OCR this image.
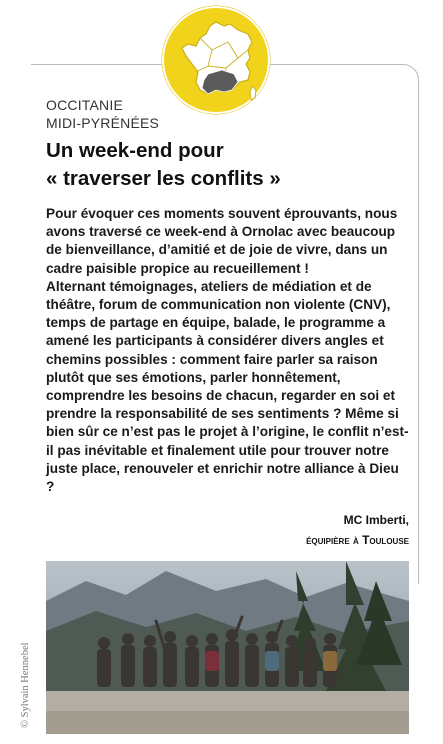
OCCITANIE
MIDI-PYRÉNÉES
Un week-end pour
« traverser les conflits »

Pour évoquer ces moments souvent éprouvants, nous avons traversé ce week-end à Ornolac avec beaucoup de bienveillance, d’amitié et de joie de vivre, dans un cadre paisible propice au recueillement !

Alternant témoignages, ateliers de médiation et de théâtre, forum de communication non violente (CNV), temps de partage en équipe, balade, le programme a amené les participants à considérer divers angles et chemins possibles : comment faire parler sa raison plutôt que ses émotions, parler honnêtement, comprendre les besoins de chacun, regarder en soi et prendre la responsabilité de ses sentiments ? Même si bien sûr ce n’est pas le projet à l’origine, le conflit n’est-il pas inévitable et finalement utile pour trouver notre juste place, renouveler et enrichir notre alliance à Dieu ?

MC Imberti,
équipière à Toulouse
© Sylvain Hennebel
